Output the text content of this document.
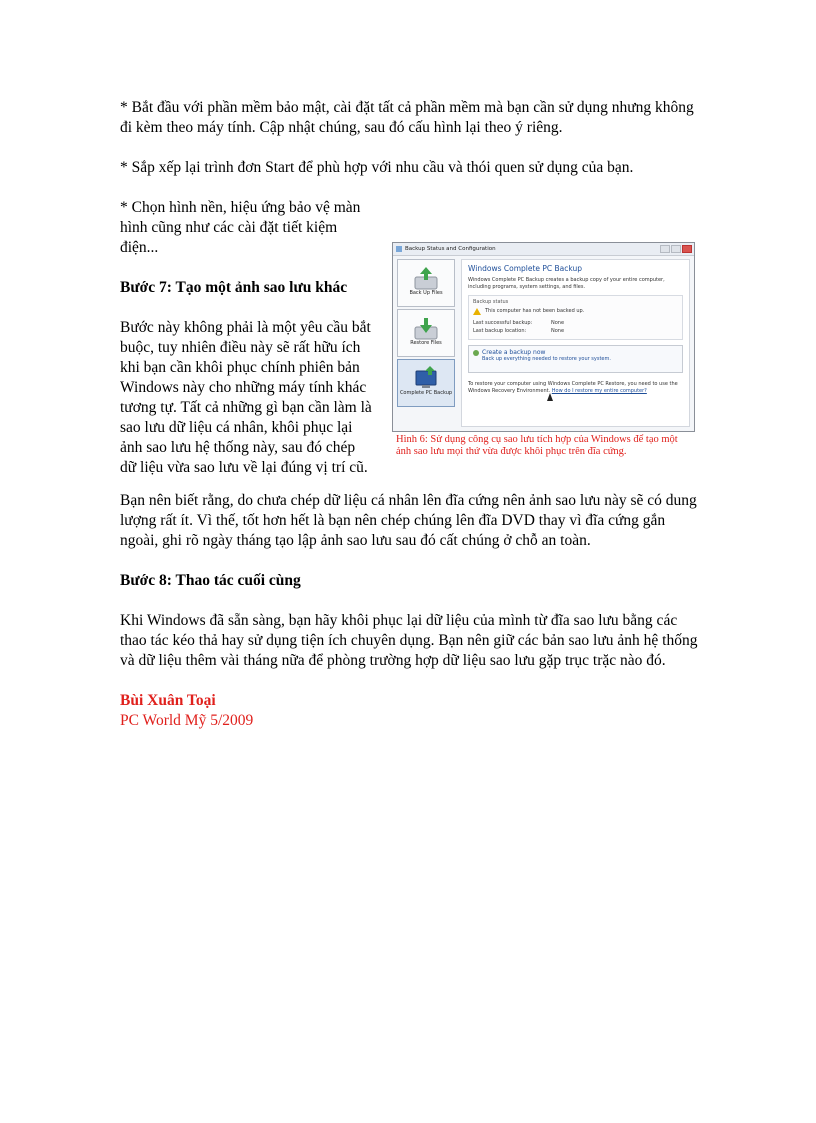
* Bắt đầu với phần mềm bảo mật, cài đặt tất cả phần mềm mà bạn cần sử dụng nhưng không đi kèm theo máy tính. Cập nhật chúng, sau đó cấu hình lại theo ý riêng.

* Sắp xếp lại trình đơn Start để phù hợp với nhu cầu và thói quen sử dụng của bạn.

* Chọn hình nền, hiệu ứng bảo vệ màn hình cũng như các cài đặt tiết kiệm điện...

Bước 7: Tạo một ảnh sao lưu khác

Bước này không phải là một yêu cầu bắt buộc, tuy nhiên điều này sẽ rất hữu ích khi bạn cần khôi phục chính phiên bản Windows này cho những máy tính khác tương tự. Tất cả những gì bạn cần làm là sao lưu dữ liệu cá nhân, khôi phục lại ảnh sao lưu hệ thống này, sau đó chép dữ liệu vừa sao lưu về lại đúng vị trí cũ.

Backup Status and Configuration
Back Up Files
Restore Files
Complete PC Backup
Windows Complete PC Backup
Windows Complete PC Backup creates a backup copy of your entire computer, including programs, system settings, and files.
Backup status
This computer has not been backed up.
Last successful backup:	None
Last backup location:	None
Create a backup now
Back up everything needed to restore your system.
To restore your computer using Windows Complete PC Restore, you need to use the Windows Recovery Environment. How do I restore my entire computer?
Hình 6: Sử dụng công cụ sao lưu tích hợp của Windows để tạo một ảnh sao lưu mọi thứ vừa được khôi phục trên đĩa cứng.

Bạn nên biết rằng, do chưa chép dữ liệu cá nhân lên đĩa cứng nên ảnh sao lưu này sẽ có dung lượng rất ít. Vì thế, tốt hơn hết là bạn nên chép chúng lên đĩa DVD thay vì đĩa cứng gắn ngoài, ghi rõ ngày tháng tạo lập ảnh sao lưu sau đó cất chúng ở chỗ an toàn.

Bước 8: Thao tác cuối cùng

Khi Windows đã sẵn sàng, bạn hãy khôi phục lại dữ liệu của mình từ đĩa sao lưu bằng các thao tác kéo thả hay sử dụng tiện ích chuyên dụng. Bạn nên giữ các bản sao lưu ảnh hệ thống và dữ liệu thêm vài tháng nữa để phòng trường hợp dữ liệu sao lưu gặp trục trặc nào đó.

Bùi Xuân Toại
PC World Mỹ 5/2009
